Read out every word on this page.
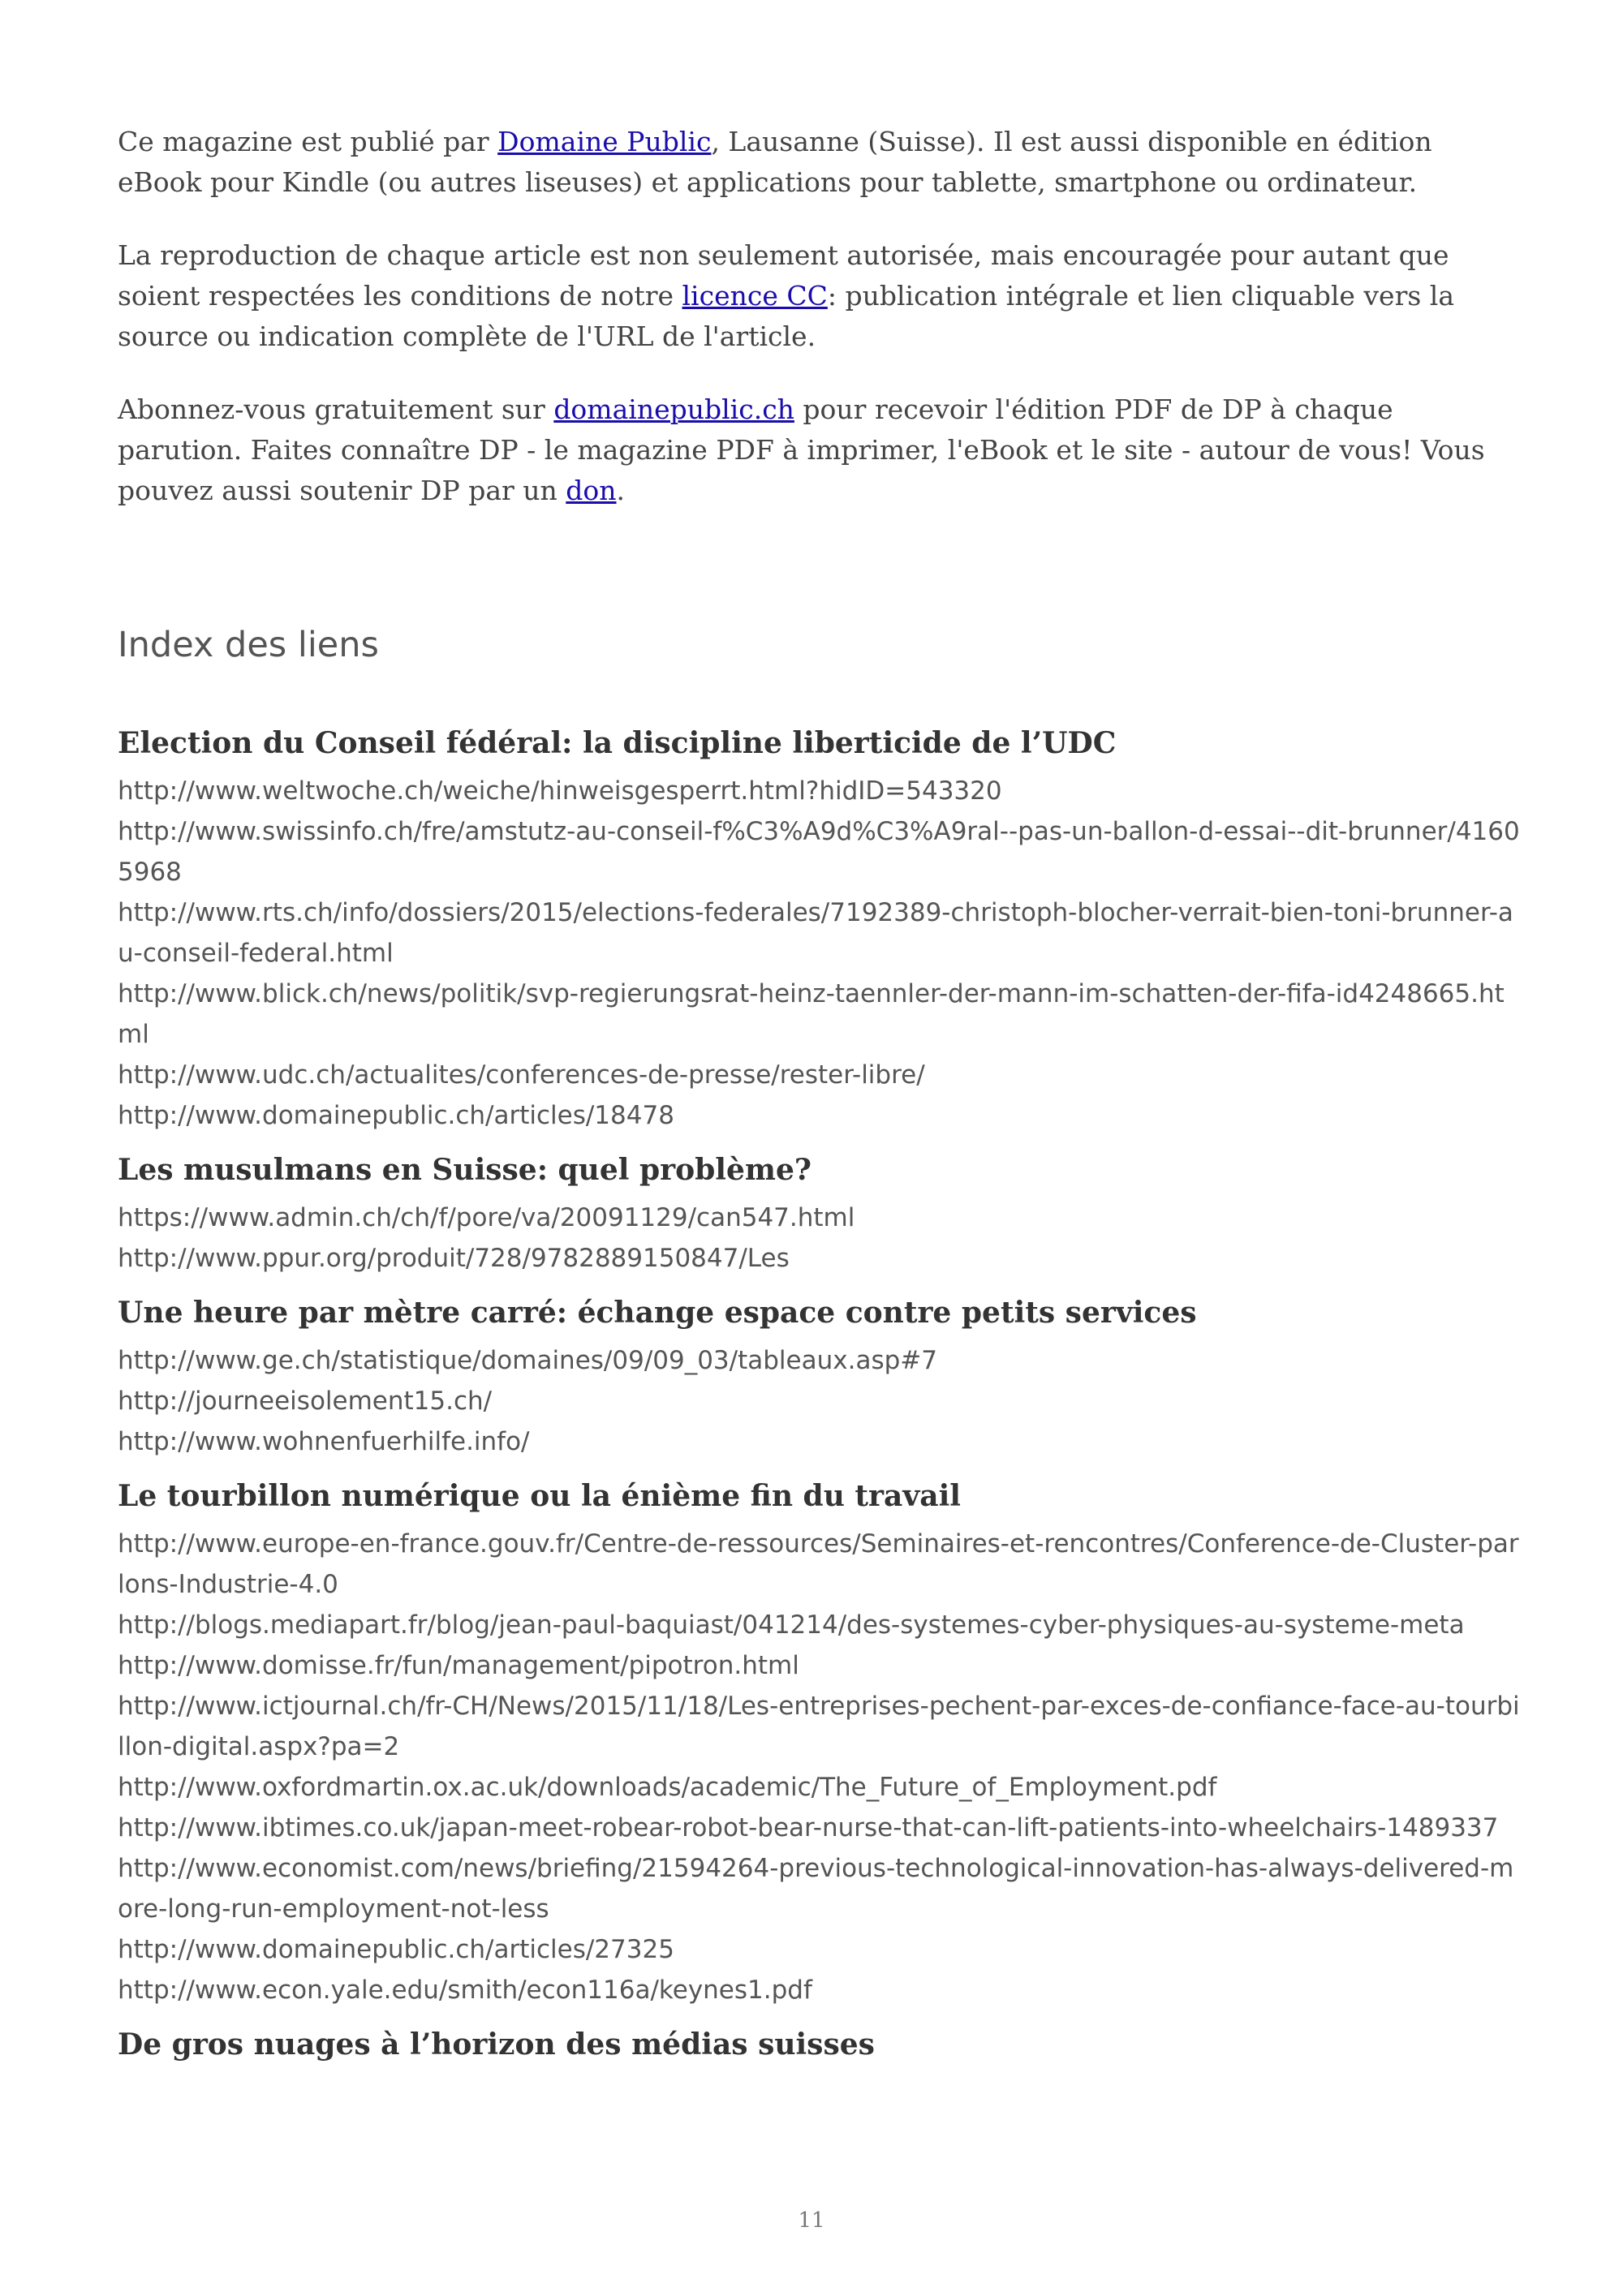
Ce magazine est publié par Domaine Public, Lausanne (Suisse). Il est aussi disponible en édition eBook pour Kindle (ou autres liseuses) et applications pour tablette, smartphone ou ordinateur.

La reproduction de chaque article est non seulement autorisée, mais encouragée pour autant que soient respectées les conditions de notre licence CC: publication intégrale et lien cliquable vers la source ou indication complète de l'URL de l'article.

Abonnez-vous gratuitement sur domainepublic.ch pour recevoir l'édition PDF de DP à chaque parution. Faites connaître DP - le magazine PDF à imprimer, l'eBook et le site - autour de vous! Vous pouvez aussi soutenir DP par un don.

Index des liens
Election du Conseil fédéral: la discipline liberticide de l’UDC

http://www.weltwoche.ch/weiche/hinweisgesperrt.html?hidID=543320

http://www.swissinfo.ch/fre/amstutz-au-conseil-f%C3%A9d%C3%A9ral--pas-un-ballon-d-essai--dit-brunner/41605968

http://www.rts.ch/info/dossiers/2015/elections-federales/7192389-christoph-blocher-verrait-bien-toni-brunner-au-conseil-federal.html

http://www.blick.ch/news/politik/svp-regierungsrat-heinz-taennler-der-mann-im-schatten-der-fifa-id4248665.html

http://www.udc.ch/actualites/conferences-de-presse/rester-libre/

http://www.domainepublic.ch/articles/18478

Les musulmans en Suisse: quel problème?

https://www.admin.ch/ch/f/pore/va/20091129/can547.html

http://www.ppur.org/produit/728/9782889150847/Les

Une heure par mètre carré: échange espace contre petits services

http://www.ge.ch/statistique/domaines/09/09_03/tableaux.asp#7

http://journeeisolement15.ch/

http://www.wohnenfuerhilfe.info/

Le tourbillon numérique ou la énième fin du travail

http://www.europe-en-france.gouv.fr/Centre-de-ressources/Seminaires-et-rencontres/Conference-de-Cluster-parlons-Industrie-4.0

http://blogs.mediapart.fr/blog/jean-paul-baquiast/041214/des-systemes-cyber-physiques-au-systeme-meta

http://www.domisse.fr/fun/management/pipotron.html

http://www.ictjournal.ch/fr-CH/News/2015/11/18/Les-entreprises-pechent-par-exces-de-confiance-face-au-tourbillon-digital.aspx?pa=2

http://www.oxfordmartin.ox.ac.uk/downloads/academic/The_Future_of_Employment.pdf

http://www.ibtimes.co.uk/japan-meet-robear-robot-bear-nurse-that-can-lift-patients-into-wheelchairs-1489337

http://www.economist.com/news/briefing/21594264-previous-technological-innovation-has-always-delivered-more-long-run-employment-not-less

http://www.domainepublic.ch/articles/27325

http://www.econ.yale.edu/smith/econ116a/keynes1.pdf

De gros nuages à l’horizon des médias suisses
11
